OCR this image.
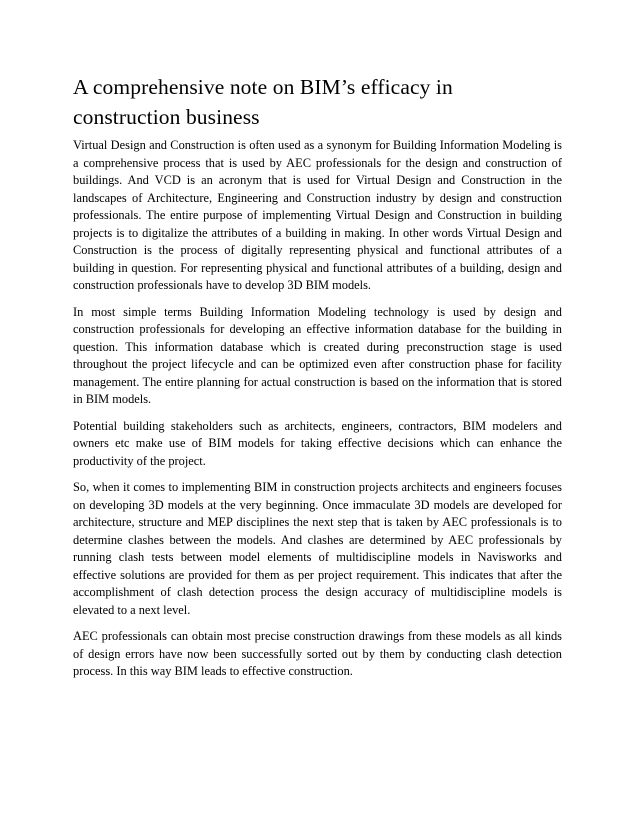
A comprehensive note on BIM’s efficacy in construction business

Virtual Design and Construction is often used as a synonym for Building Information Modeling is a comprehensive process that is used by AEC professionals for the design and construction of buildings. And VCD is an acronym that is used for Virtual Design and Construction in the landscapes of Architecture, Engineering and Construction industry by design and construction professionals. The entire purpose of implementing Virtual Design and Construction in building projects is to digitalize the attributes of a building in making. In other words Virtual Design and Construction is the process of digitally representing physical and functional attributes of a building in question. For representing physical and functional attributes of a building, design and construction professionals have to develop 3D BIM models.

In most simple terms Building Information Modeling technology is used by design and construction professionals for developing an effective information database for the building in question. This information database which is created during preconstruction stage is used throughout the project lifecycle and can be optimized even after construction phase for facility management. The entire planning for actual construction is based on the information that is stored in BIM models.

Potential building stakeholders such as architects, engineers, contractors, BIM modelers and owners etc make use of BIM models for taking effective decisions which can enhance the productivity of the project.

So, when it comes to implementing BIM in construction projects architects and engineers focuses on developing 3D models at the very beginning. Once immaculate 3D models are developed for architecture, structure and MEP disciplines the next step that is taken by AEC professionals is to determine clashes between the models. And clashes are determined by AEC professionals by running clash tests between model elements of multidiscipline models in Navisworks and effective solutions are provided for them as per project requirement. This indicates that after the accomplishment of clash detection process the design accuracy of multidiscipline models is elevated to a next level.

AEC professionals can obtain most precise construction drawings from these models as all kinds of design errors have now been successfully sorted out by them by conducting clash detection process. In this way BIM leads to effective construction.
